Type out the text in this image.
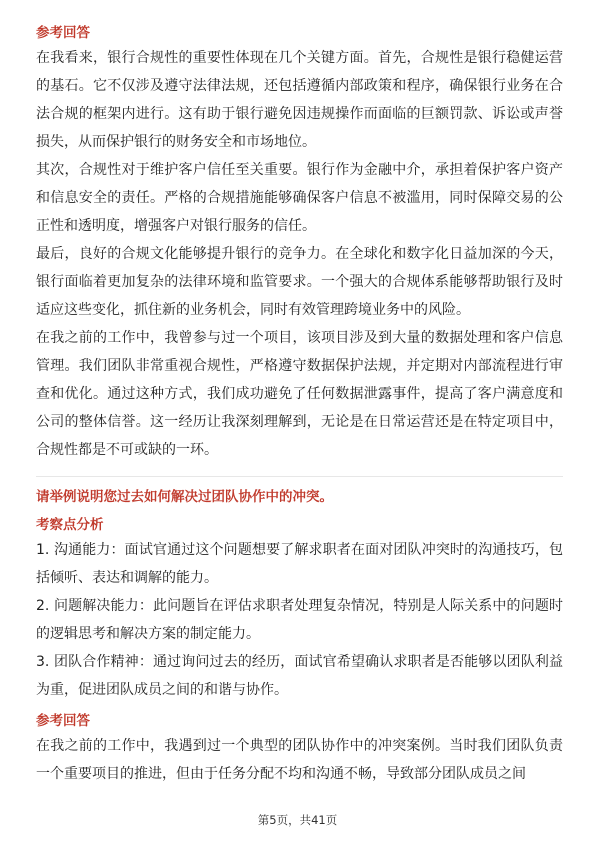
参考回答

在我看来，银行合规性的重要性体现在几个关键方面。首先，合规性是银行稳健运营的基石。它不仅涉及遵守法律法规，还包括遵循内部政策和程序，确保银行业务在合法合规的框架内进行。这有助于银行避免因违规操作而面临的巨额罚款、诉讼或声誉损失，从而保护银行的财务安全和市场地位。

其次，合规性对于维护客户信任至关重要。银行作为金融中介，承担着保护客户资产和信息安全的责任。严格的合规措施能够确保客户信息不被滥用，同时保障交易的公正性和透明度，增强客户对银行服务的信任。

最后，良好的合规文化能够提升银行的竞争力。在全球化和数字化日益加深的今天，银行面临着更加复杂的法律环境和监管要求。一个强大的合规体系能够帮助银行及时适应这些变化，抓住新的业务机会，同时有效管理跨境业务中的风险。

在我之前的工作中，我曾参与过一个项目，该项目涉及到大量的数据处理和客户信息管理。我们团队非常重视合规性，严格遵守数据保护法规，并定期对内部流程进行审查和优化。通过这种方式，我们成功避免了任何数据泄露事件，提高了客户满意度和公司的整体信誉。这一经历让我深刻理解到，无论是在日常运营还是在特定项目中，合规性都是不可或缺的一环。

请举例说明您过去如何解决过团队协作中的冲突。

考察点分析

1. 沟通能力：面试官通过这个问题想要了解求职者在面对团队冲突时的沟通技巧，包括倾听、表达和调解的能力。

2. 问题解决能力：此问题旨在评估求职者处理复杂情况，特别是人际关系中的问题时的逻辑思考和解决方案的制定能力。

3. 团队合作精神：通过询问过去的经历，面试官希望确认求职者是否能够以团队利益为重，促进团队成员之间的和谐与协作。

参考回答

在我之前的工作中，我遇到过一个典型的团队协作中的冲突案例。当时我们团队负责一个重要项目的推进，但由于任务分配不均和沟通不畅，导致部分团队成员之间

第5页，共41页
